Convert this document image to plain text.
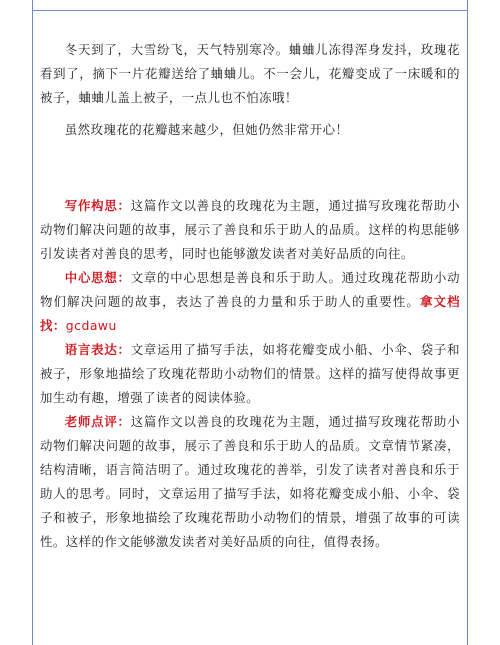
冬天到了，大雪纷飞，天气特别寒冷。蛐蛐儿冻得浑身发抖，玫瑰花看到了，摘下一片花瓣送给了蛐蛐儿。不一会儿，花瓣变成了一床暖和的被子，蛐蛐儿盖上被子，一点儿也不怕冻哦！

虽然玫瑰花的花瓣越来越少，但她仍然非常开心！

写作构思：这篇作文以善良的玫瑰花为主题，通过描写玫瑰花帮助小动物们解决问题的故事，展示了善良和乐于助人的品质。这样的构思能够引发读者对善良的思考，同时也能够激发读者对美好品质的向往。

中心思想：文章的中心思想是善良和乐于助人。通过玫瑰花帮助小动物们解决问题的故事，表达了善良的力量和乐于助人的重要性。拿文档找：gcdawu

语言表达：文章运用了描写手法，如将花瓣变成小船、小伞、袋子和被子，形象地描绘了玫瑰花帮助小动物们的情景。这样的描写使得故事更加生动有趣，增强了读者的阅读体验。

老师点评：这篇作文以善良的玫瑰花为主题，通过描写玫瑰花帮助小动物们解决问题的故事，展示了善良和乐于助人的品质。文章情节紧凑，结构清晰，语言简洁明了。通过玫瑰花的善举，引发了读者对善良和乐于助人的思考。同时，文章运用了描写手法，如将花瓣变成小船、小伞、袋子和被子，形象地描绘了玫瑰花帮助小动物们的情景，增强了故事的可读性。这样的作文能够激发读者对美好品质的向往，值得表扬。
